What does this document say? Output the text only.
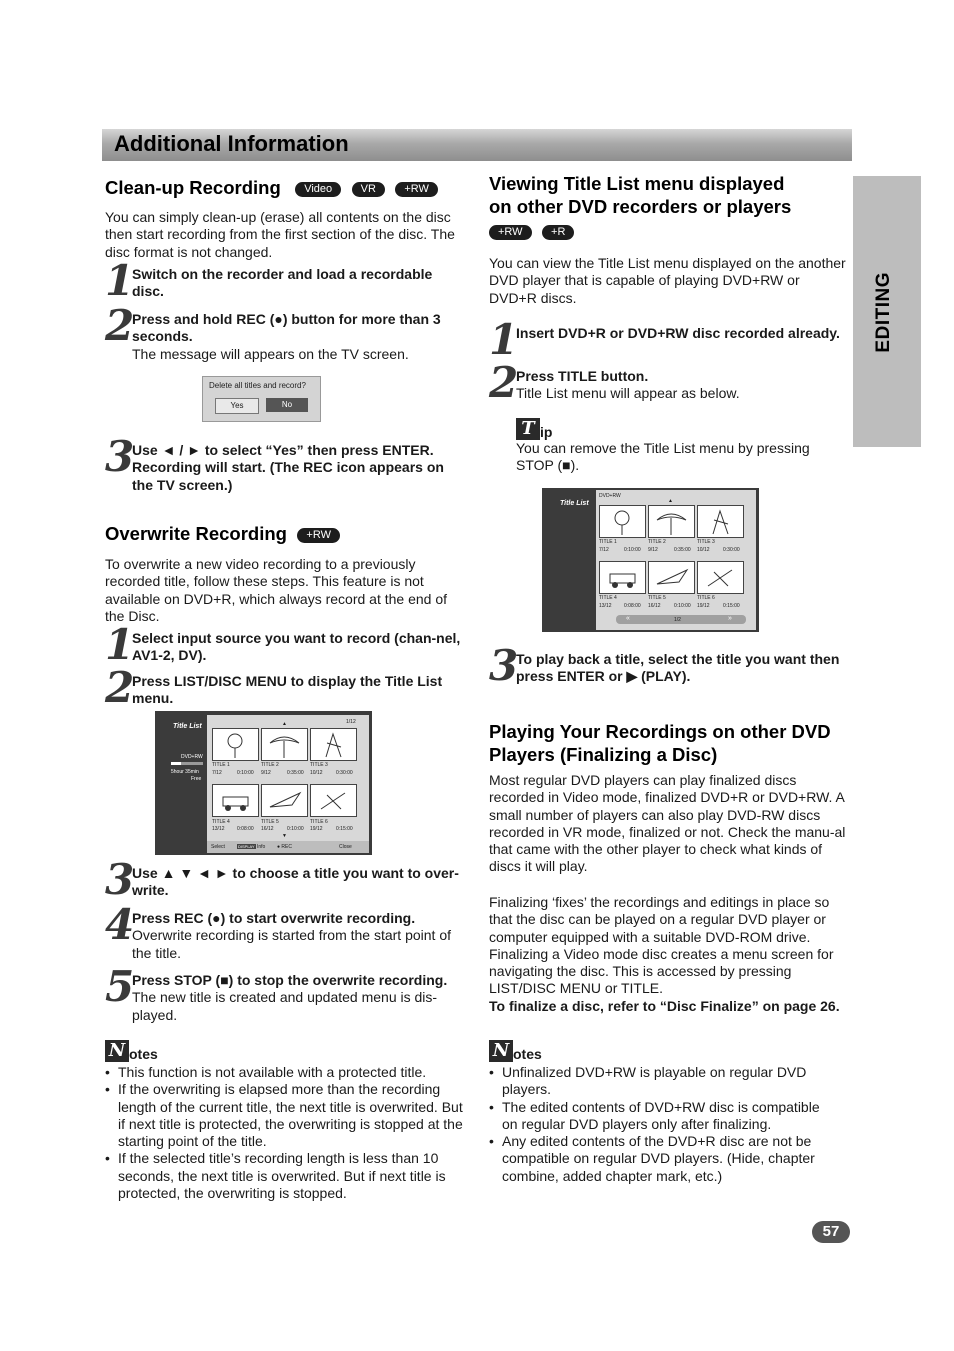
Additional Information
EDITING
Clean-up Recording Video	VR	+RW

You can simply clean-up (erase) all contents on the disc then start recording from the first section of the disc. The disc format is not changed.

1
Switch on the recorder and load a recordable disc.
2
Press and hold REC (●) button for more than 3 seconds.
The message will appears on the TV screen.
Delete all titles and record?
Yes	No
3
Use ◄ / ► to select “Yes” then press ENTER. Recording will start. (The REC icon appears on the TV screen.)
Overwrite Recording +RW

To overwrite a new video recording to a previously recorded title, follow these steps. This feature is not available on DVD+R, which always record at the end of the Disc.

1
Select input source you want to record (chan-nel, AV1-2, DV).
2
Press LIST/DISC MENU to display the Title List menu.
Title List
DVD+RW
5hour 35min
Free
1/12
▲
TITLE 1
7/12	0:10:00
TITLE 2
9/12	0:35:00
TITLE 3
10/12	0:30:00
TITLE 4
13/12 0:08:00
TITLE 5
16/12	0:10:00
TITLE 6
19/12	0:15:00
▼
Select	DISPLAY Info ● REC	Close
3
Use ▲ ▼ ◄ ► to choose a title you want to over-write.
4
Press REC (●) to start overwrite recording.
Overwrite recording is started from the start point of the title.
5
Press STOP (■) to stop the overwrite recording.
The new title is created and updated menu is dis-played.
N otes
• This function is not available with a protected title.
• If the overwriting is elapsed more than the recording length of the current title, the next title is overwrited. But if next title is protected, the overwriting is stopped at the starting point of the title.
• If the selected title’s recording length is less than 10 seconds, the next title is overwrited. But if next title is protected, the overwriting is stopped.
Viewing Title List menu displayed
on other DVD recorders or players
+RW	+R

You can view the Title List menu displayed on the another DVD player that is capable of playing DVD+RW or DVD+R discs.

1
Insert DVD+R or DVD+RW disc recorded already.
2
Press TITLE button.
Title List menu will appear as below.
T ip

You can remove the Title List menu by pressing STOP (■).

Title List
DVD+RW
▲
TITLE 1
7/12	0:10:00
TITLE 2
9/12	0:35:00
TITLE 3
10/12	0:30:00
TITLE 4
13/12 0:08:00
TITLE 5
16/12	0:10:00
TITLE 6
19/12	0:15:00
«	1/2	»
3
To play back a title, select the title you want then press ENTER or ▶ (PLAY).
Playing Your Recordings on other DVD
Players (Finalizing a Disc)

Most regular DVD players can play finalized discs recorded in Video mode, finalized DVD+R or DVD+RW. A small number of players can also play DVD-RW discs recorded in VR mode, finalized or not. Check the manu-al that came with the other player to check what kinds of discs it will play.

Finalizing ‘fixes’ the recordings and editings in place so that the disc can be played on a regular DVD player or computer equipped with a suitable DVD-ROM drive. Finalizing a Video mode disc creates a menu screen for navigating the disc. This is accessed by pressing LIST/DISC MENU or TITLE.

To finalize a disc, refer to “Disc Finalize” on page 26.

N otes
• Unfinalized DVD+RW is playable on regular DVD players.
• The edited contents of DVD+RW disc is compatible on regular DVD players only after finalizing.
• Any edited contents of the DVD+R disc are not be compatible on regular DVD players. (Hide, chapter combine, added chapter mark, etc.)
57
